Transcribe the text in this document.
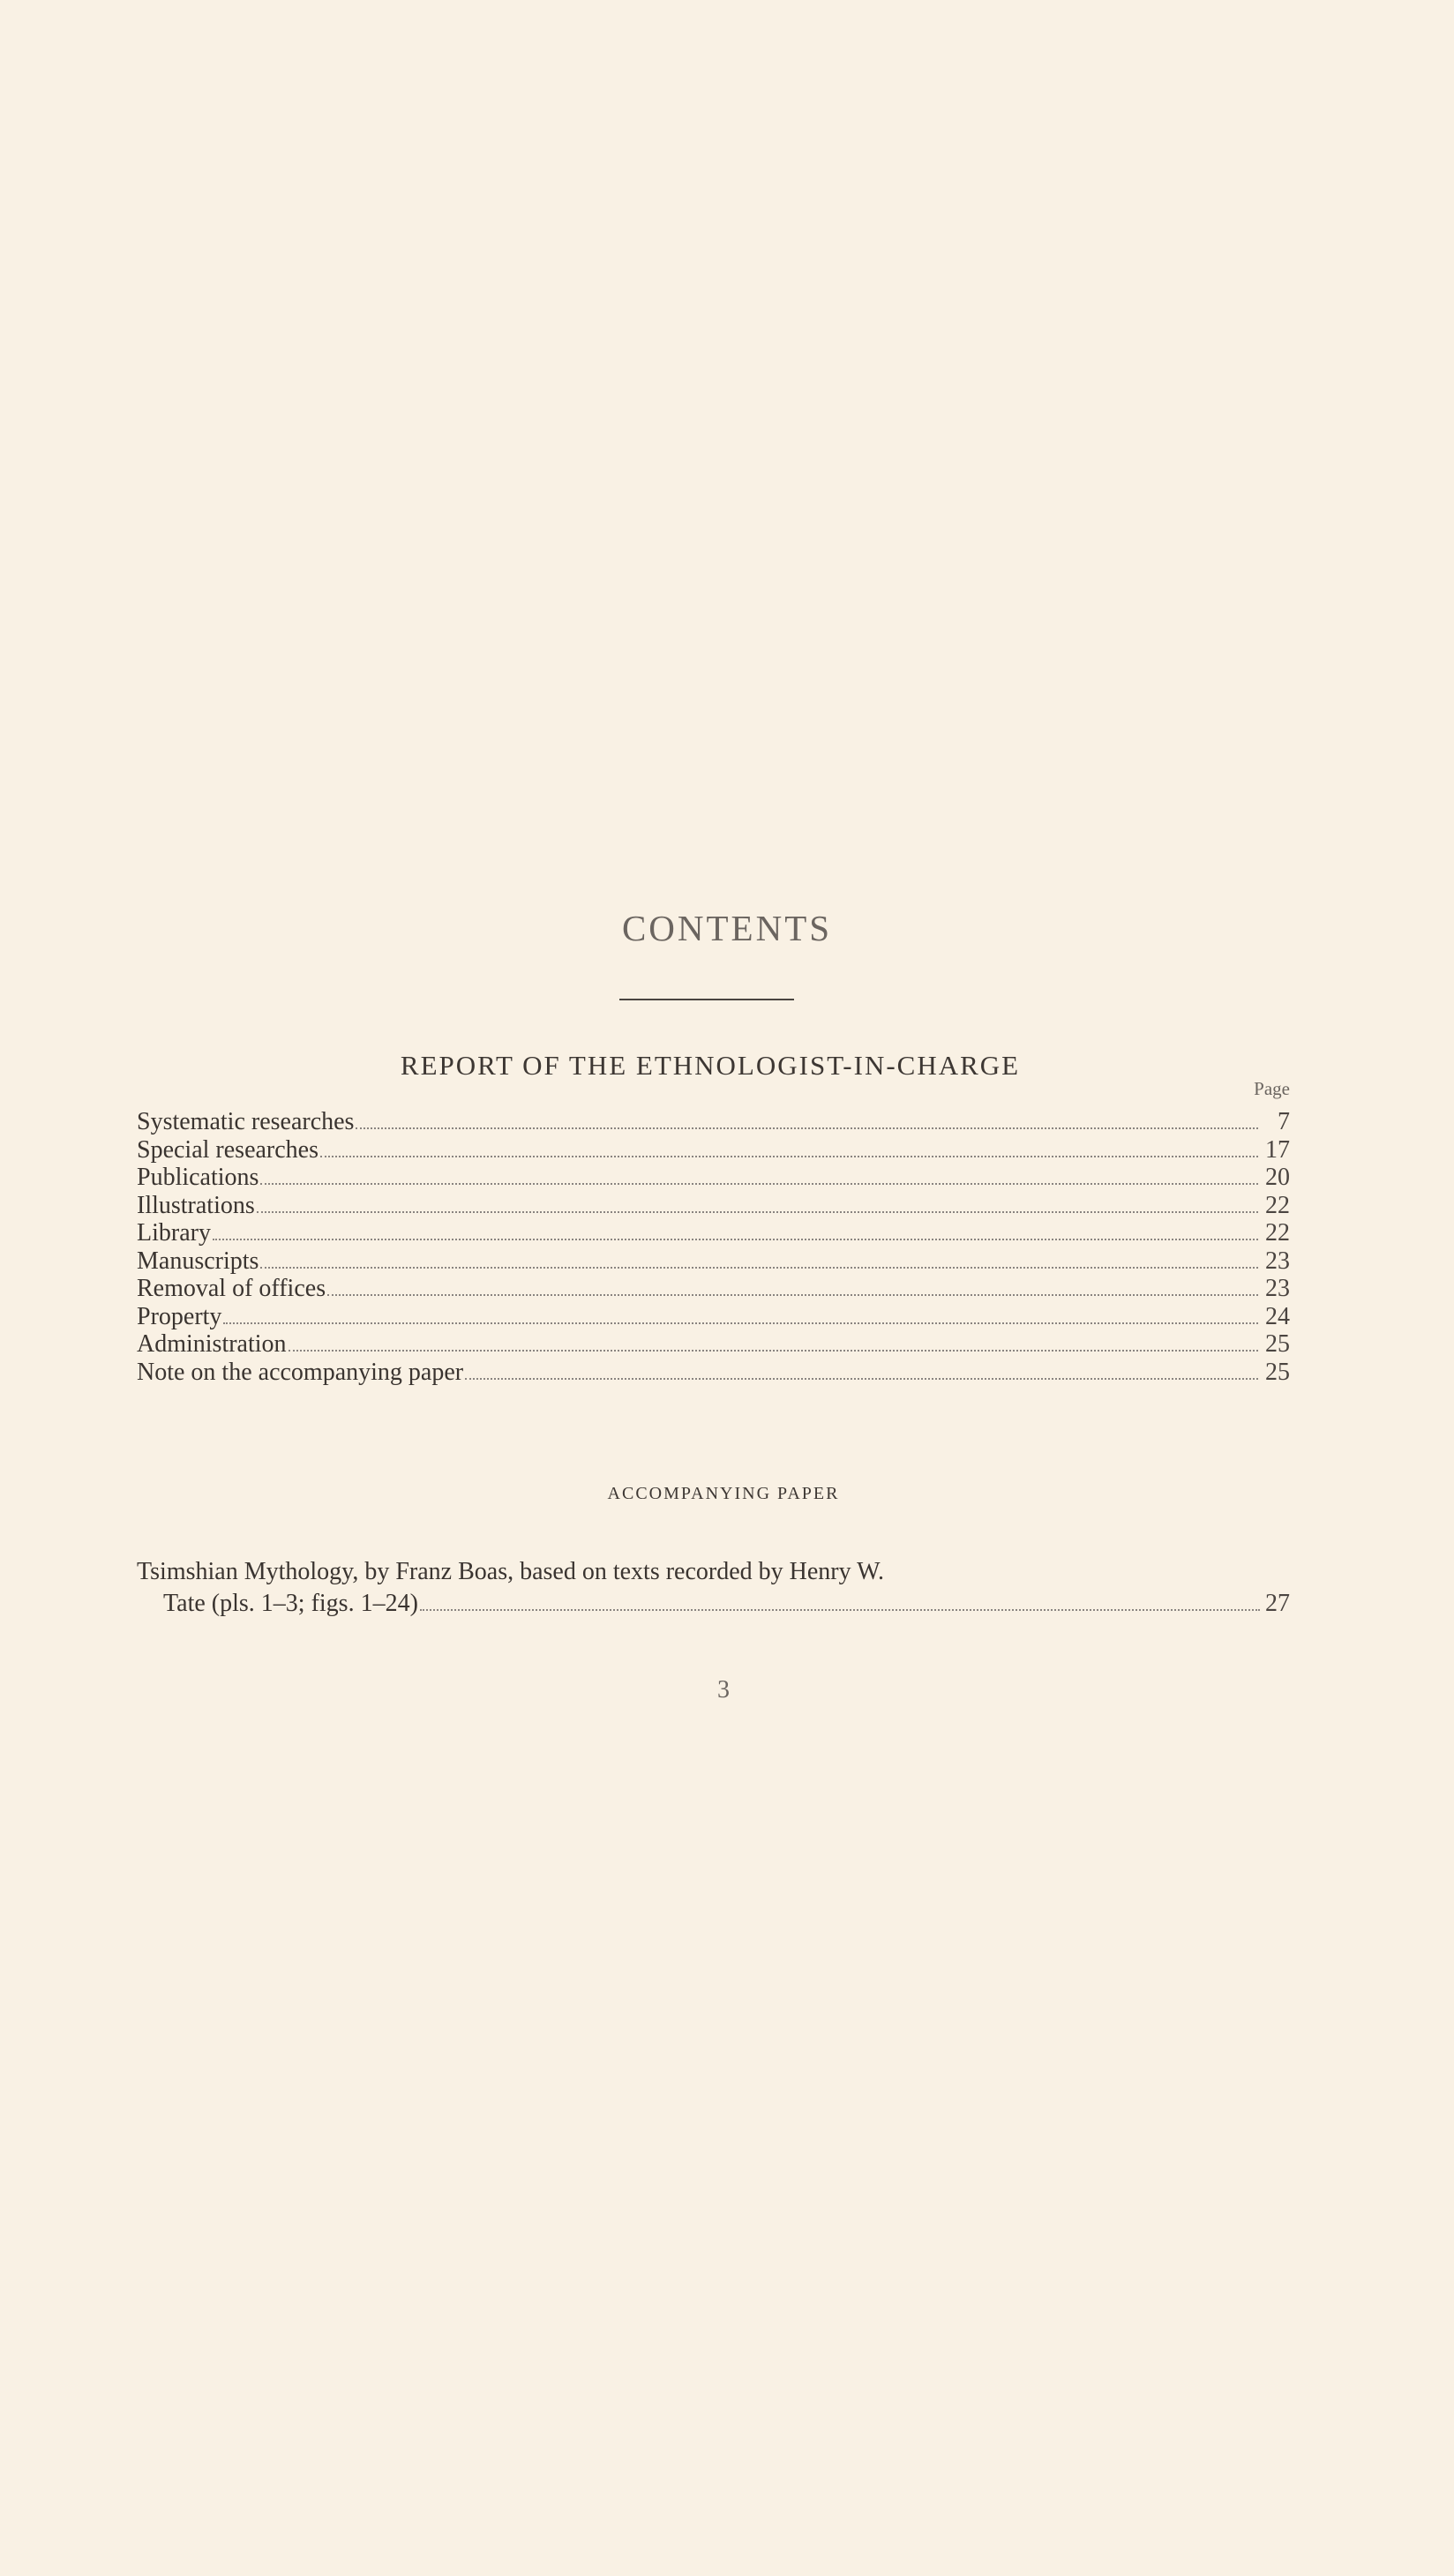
CONTENTS
REPORT OF THE ETHNOLOGIST-IN-CHARGE
Page
Systematic researches	7
Special researches	17
Publications	20
Illustrations	22
Library	22
Manuscripts	23
Removal of offices	23
Property	24
Administration	25
Note on the accompanying paper	25
ACCOMPANYING PAPER
Tsimshian Mythology, by Franz Boas, based on texts recorded by Henry W.
Tate (pls. 1–3; figs. 1–24)	27
3
